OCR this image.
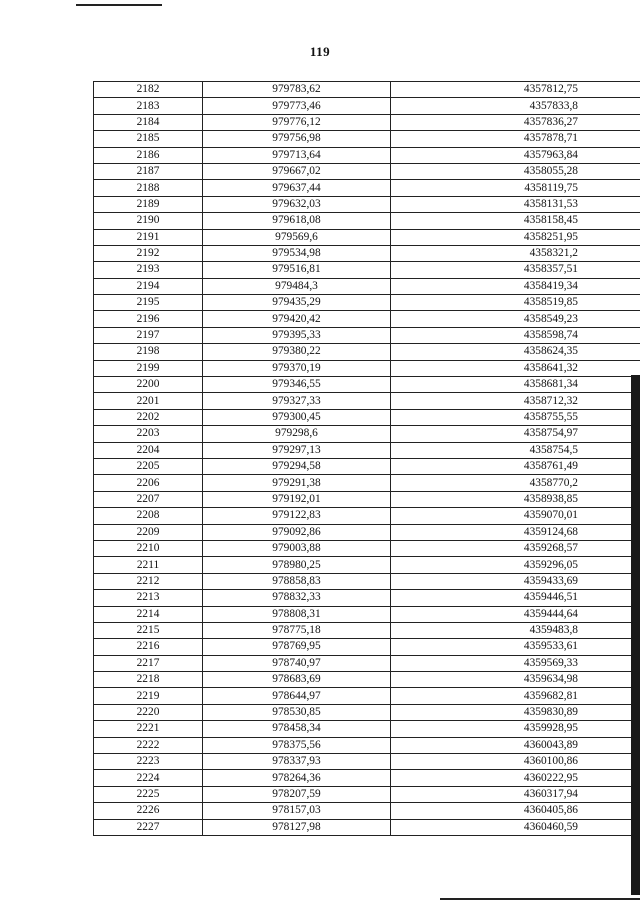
119
2182	979783,62	4357812,75
2183	979773,46	4357833,8
2184	979776,12	4357836,27
2185	979756,98	4357878,71
2186	979713,64	4357963,84
2187	979667,02	4358055,28
2188	979637,44	4358119,75
2189	979632,03	4358131,53
2190	979618,08	4358158,45
2191	979569,6	4358251,95
2192	979534,98	4358321,2
2193	979516,81	4358357,51
2194	979484,3	4358419,34
2195	979435,29	4358519,85
2196	979420,42	4358549,23
2197	979395,33	4358598,74
2198	979380,22	4358624,35
2199	979370,19	4358641,32
2200	979346,55	4358681,34
2201	979327,33	4358712,32
2202	979300,45	4358755,55
2203	979298,6	4358754,97
2204	979297,13	4358754,5
2205	979294,58	4358761,49
2206	979291,38	4358770,2
2207	979192,01	4358938,85
2208	979122,83	4359070,01
2209	979092,86	4359124,68
2210	979003,88	4359268,57
2211	978980,25	4359296,05
2212	978858,83	4359433,69
2213	978832,33	4359446,51
2214	978808,31	4359444,64
2215	978775,18	4359483,8
2216	978769,95	4359533,61
2217	978740,97	4359569,33
2218	978683,69	4359634,98
2219	978644,97	4359682,81
2220	978530,85	4359830,89
2221	978458,34	4359928,95
2222	978375,56	4360043,89
2223	978337,93	4360100,86
2224	978264,36	4360222,95
2225	978207,59	4360317,94
2226	978157,03	4360405,86
2227	978127,98	4360460,59
